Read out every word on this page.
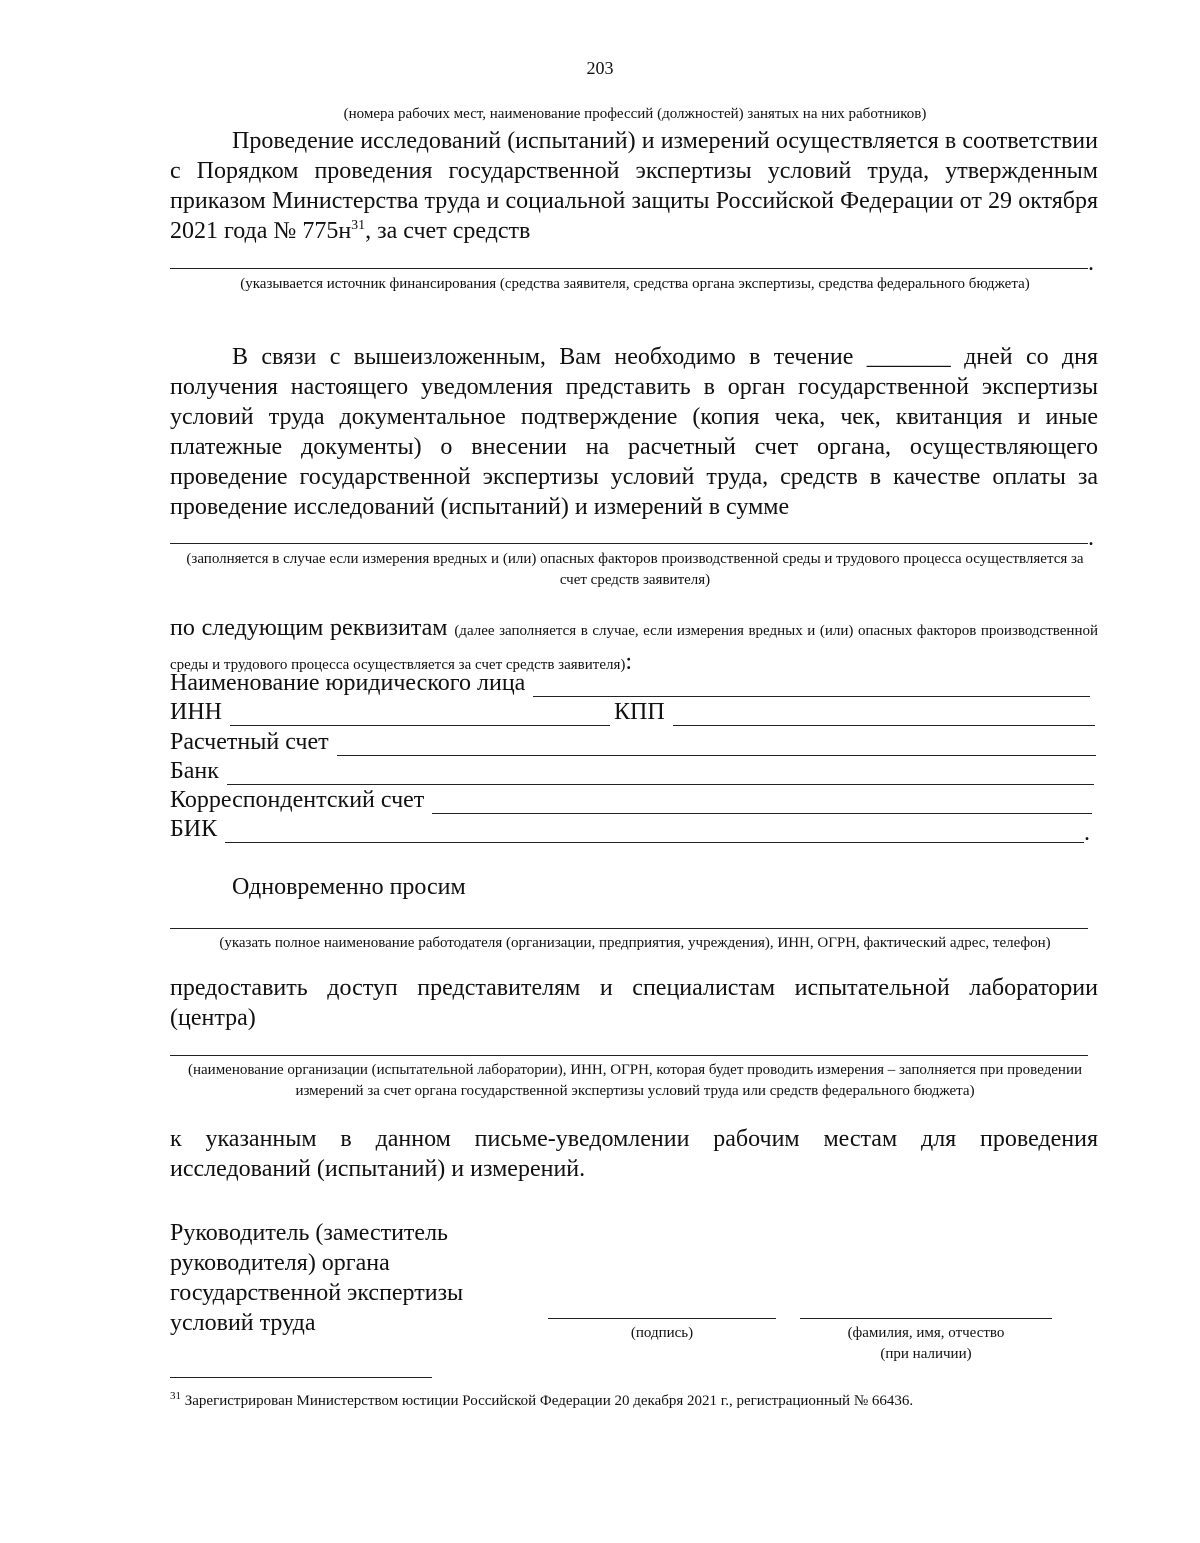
203
(номера рабочих мест, наименование профессий (должностей) занятых на них работников)
Проведение исследований (испытаний) и измерений осуществляется в соответствии с Порядком проведения государственной экспертизы условий труда, утвержденным приказом Министерства труда и социальной защиты Российской Федерации от 29 октября 2021 года № $775н^{31}$, за счет средств
.
(указывается источник финансирования (средства заявителя, средства органа экспертизы, средства федерального бюджета)
В связи с вышеизложенным, Вам необходимо в течение _______ дней со дня получения настоящего уведомления представить в орган государственной экспертизы условий труда документальное подтверждение (копия чека, чек, квитанция и иные платежные документы) о внесении на расчетный счет органа, осуществляющего проведение государственной экспертизы условий труда, средств в качестве оплаты за проведение исследований (испытаний) и измерений в сумме
.
(заполняется в случае если измерения вредных и (или) опасных факторов производственной среды и трудового процесса осуществляется за счет средств заявителя)
по следующим реквизитам (далее заполняется в случае, если измерения вредных и (или) опасных факторов производственной среды и трудового процесса осуществляется за счет средств заявителя):
Наименование юридического лица
ИНН	КПП
Расчетный счет
Банк
Корреспондентский счет
БИК	.
Одновременно просим
(указать полное наименование работодателя (организации, предприятия, учреждения), ИНН, ОГРН, фактический адрес, телефон)
предоставить доступ представителям и специалистам испытательной лаборатории (центра)
(наименование организации (испытательной лаборатории), ИНН, ОГРН, которая будет проводить измерения – заполняется при проведении измерений за счет органа государственной экспертизы условий труда или средств федерального бюджета)
к указанным в данном письме-уведомлении рабочим местам для проведения исследований (испытаний) и измерений.
Руководитель (заместитель
руководителя) органа
государственной экспертизы
условий труда	(подпись)	(фамилия, имя, отчество
(при наличии)
$^{31}$ Зарегистрирован Министерством юстиции Российской Федерации 20 декабря 2021 г., регистрационный № 66436.
